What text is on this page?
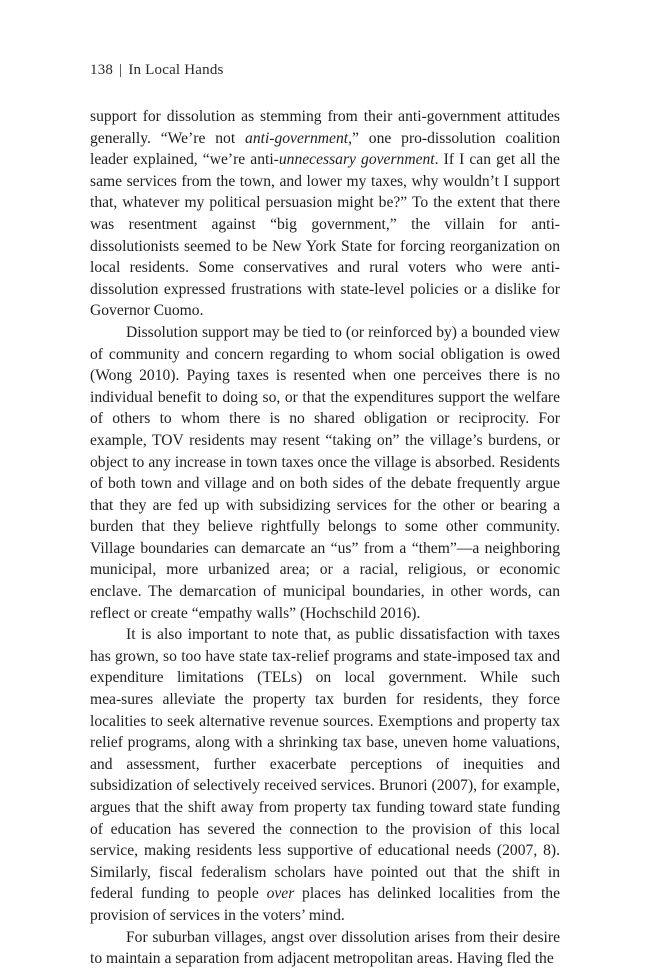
138 | In Local Hands

support for dissolution as stemming from their anti-government attitudes generally. “We’re not anti-government,” one pro-dissolution coalition leader explained, “we’re anti-unnecessary government. If I can get all the same services from the town, and lower my taxes, why wouldn’t I support that, whatever my political persuasion might be?” To the extent that there was resentment against “big government,” the villain for anti-dissolutionists seemed to be New York State for forcing reorganization on local residents. Some conservatives and rural voters who were anti-dissolution expressed frustrations with state-level policies or a dislike for Governor Cuomo.

Dissolution support may be tied to (or reinforced by) a bounded view of community and concern regarding to whom social obligation is owed (Wong 2010). Paying taxes is resented when one perceives there is no individual benefit to doing so, or that the expenditures support the welfare of others to whom there is no shared obligation or reciprocity. For example, TOV residents may resent “taking on” the village’s burdens, or object to any increase in town taxes once the village is absorbed. Residents of both town and village and on both sides of the debate frequently argue that they are fed up with subsidizing services for the other or bearing a burden that they believe rightfully belongs to some other community. Village boundaries can demarcate an “us” from a “them”—a neighboring municipal, more urbanized area; or a racial, religious, or economic enclave. The demarcation of municipal boundaries, in other words, can reflect or create “empathy walls” (Hochschild 2016).

It is also important to note that, as public dissatisfaction with taxes has grown, so too have state tax-relief programs and state-imposed tax and expenditure limitations (TELs) on local government. While such mea-sures alleviate the property tax burden for residents, they force localities to seek alternative revenue sources. Exemptions and property tax relief programs, along with a shrinking tax base, uneven home valuations, and assessment, further exacerbate perceptions of inequities and subsidization of selectively received services. Brunori (2007), for example, argues that the shift away from property tax funding toward state funding of education has severed the connection to the provision of this local service, making residents less supportive of educational needs (2007, 8). Similarly, fiscal federalism scholars have pointed out that the shift in federal funding to people over places has delinked localities from the provision of services in the voters’ mind.

For suburban villages, angst over dissolution arises from their desire to maintain a separation from adjacent metropolitan areas. Having fled the
